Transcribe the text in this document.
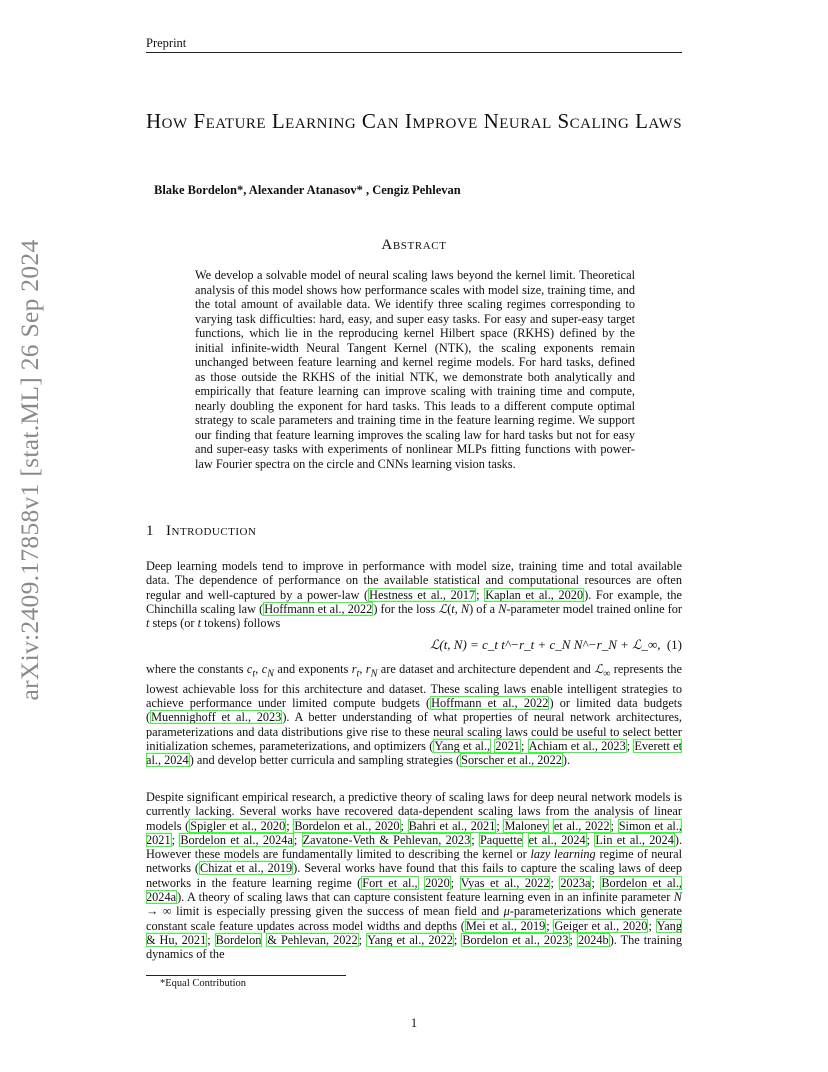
Preprint
arXiv:2409.17858v1 [stat.ML] 26 Sep 2024
How Feature Learning Can Improve Neural Scaling Laws
Blake Bordelon*, Alexander Atanasov* , Cengiz Pehlevan
Abstract

We develop a solvable model of neural scaling laws beyond the kernel limit. Theoretical analysis of this model shows how performance scales with model size, training time, and the total amount of available data. We identify three scaling regimes corresponding to varying task difficulties: hard, easy, and super easy tasks. For easy and super-easy target functions, which lie in the reproducing kernel Hilbert space (RKHS) defined by the initial infinite-width Neural Tangent Kernel (NTK), the scaling exponents remain unchanged between feature learning and kernel regime models. For hard tasks, defined as those outside the RKHS of the initial NTK, we demonstrate both analytically and empirically that feature learning can improve scaling with training time and compute, nearly doubling the exponent for hard tasks. This leads to a different compute optimal strategy to scale parameters and training time in the feature learning regime. We support our finding that feature learning improves the scaling law for hard tasks but not for easy and super-easy tasks with experiments of nonlinear MLPs fitting functions with power-law Fourier spectra on the circle and CNNs learning vision tasks.

1 Introduction

Deep learning models tend to improve in performance with model size, training time and total available data. The dependence of performance on the available statistical and computational resources are often regular and well-captured by a power-law (Hestness et al., 2017; Kaplan et al., 2020). For example, the Chinchilla scaling law (Hoffmann et al., 2022) for the loss ℒ(t, N) of a N-parameter model trained online for t steps (or t tokens) follows

ℒ(t, N) = c_t t^−r_t + c_N N^−r_N + ℒ_∞, (1)

where the constants $c_t$, $c_N$ and exponents $r_t$, $r_N$ are dataset and architecture dependent and ℒ$_\infty$ represents the lowest achievable loss for this architecture and dataset. These scaling laws enable intelligent strategies to achieve performance under limited compute budgets (Hoffmann et al., 2022) or limited data budgets (Muennighoff et al., 2023). A better understanding of what properties of neural network architectures, parameterizations and data distributions give rise to these neural scaling laws could be useful to select better initialization schemes, parameterizations, and optimizers (Yang et al., 2021; Achiam et al., 2023; Everett et al., 2024) and develop better curricula and sampling strategies (Sorscher et al., 2022).

Despite significant empirical research, a predictive theory of scaling laws for deep neural network models is currently lacking. Several works have recovered data-dependent scaling laws from the analysis of linear models (Spigler et al., 2020; Bordelon et al., 2020; Bahri et al., 2021; Maloney et al., 2022; Simon et al., 2021; Bordelon et al., 2024a; Zavatone-Veth & Pehlevan, 2023; Paquette et al., 2024; Lin et al., 2024). However these models are fundamentally limited to describing the kernel or lazy learning regime of neural networks (Chizat et al., 2019). Several works have found that this fails to capture the scaling laws of deep networks in the feature learning regime (Fort et al., 2020; Vyas et al., 2022; 2023a; Bordelon et al., 2024a). A theory of scaling laws that can capture consistent feature learning even in an infinite parameter N → ∞ limit is especially pressing given the success of mean field and μ-parameterizations which generate constant scale feature updates across model widths and depths (Mei et al., 2019; Geiger et al., 2020; Yang & Hu, 2021; Bordelon & Pehlevan, 2022; Yang et al., 2022; Bordelon et al., 2023; 2024b). The training dynamics of the

*Equal Contribution
1
